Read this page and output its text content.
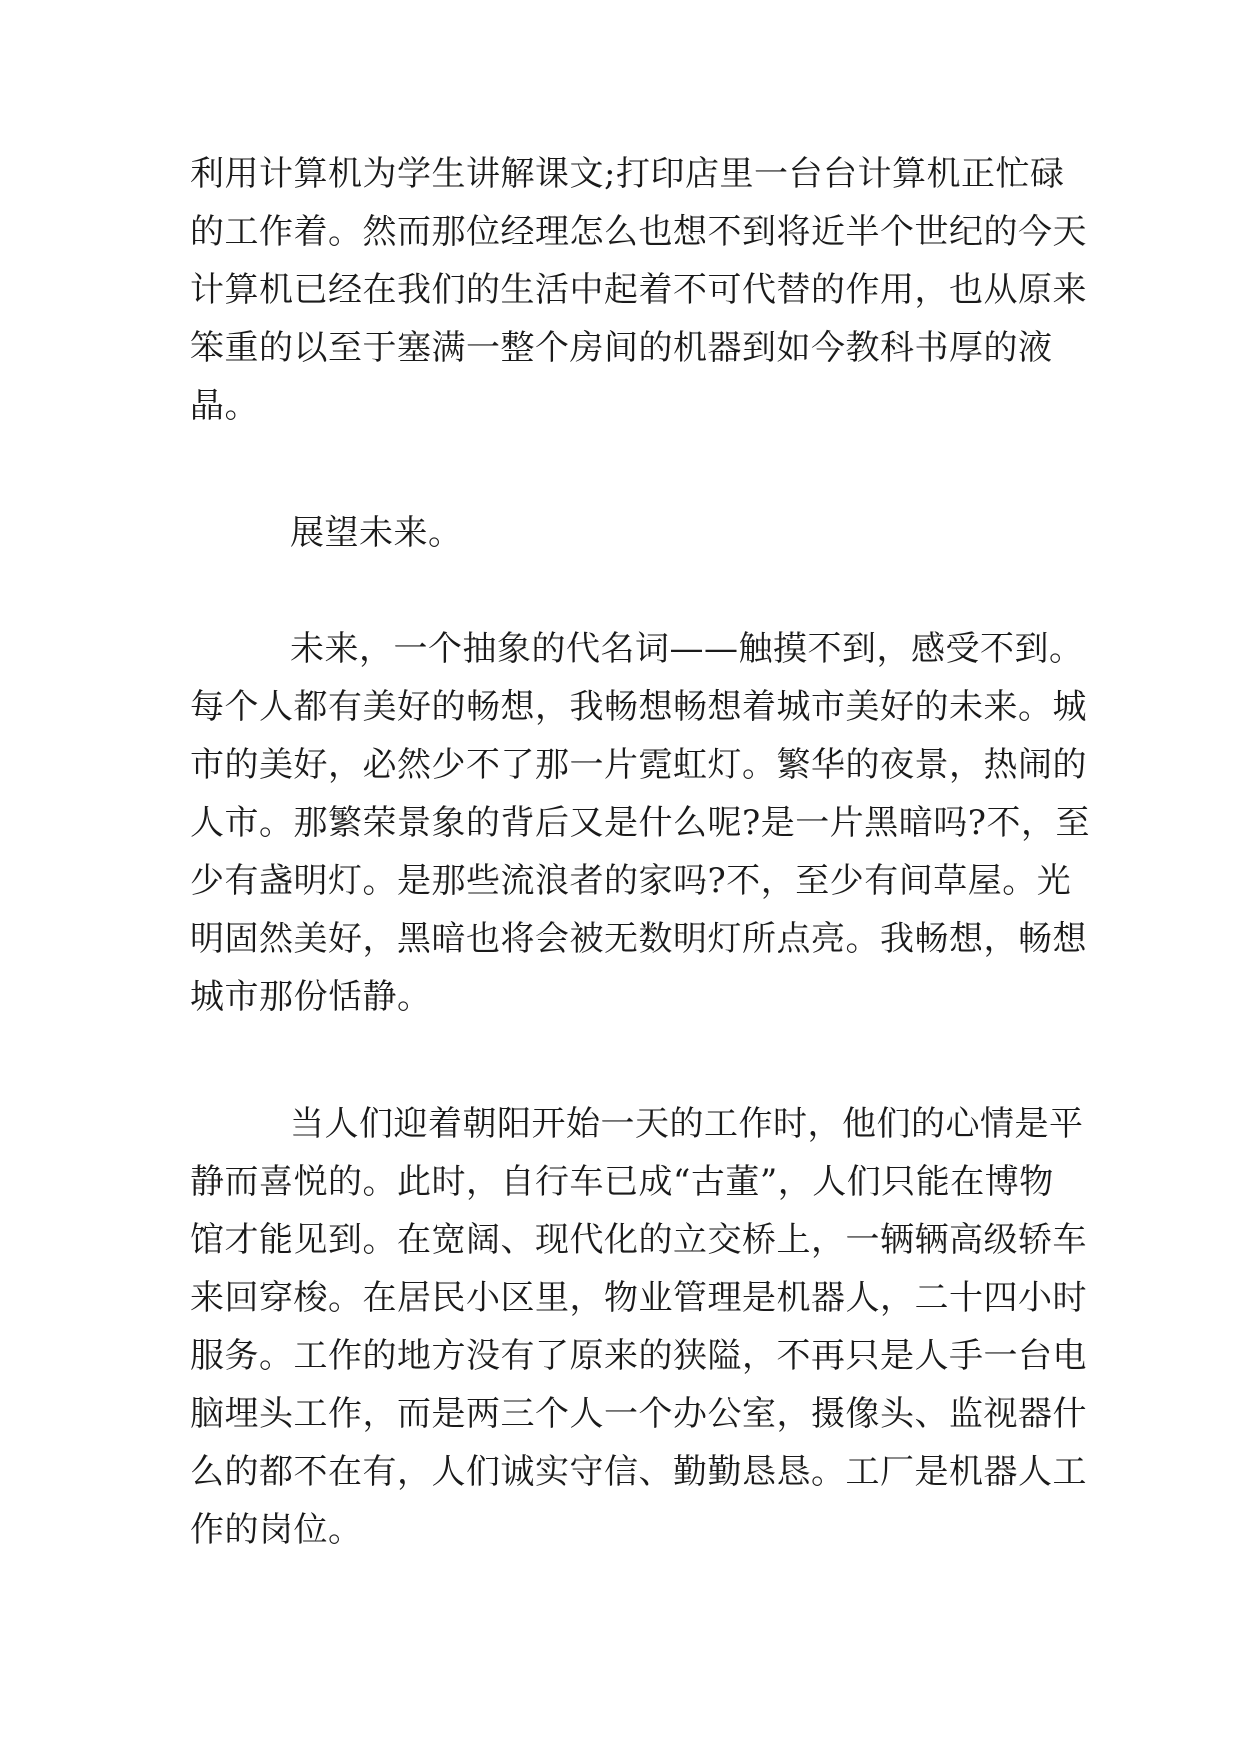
利用计算机为学生讲解课文;打印店里一台台计算机正忙碌

的工作着。然而那位经理怎么也想不到将近半个世纪的今天

计算机已经在我们的生活中起着不可代替的作用，也从原来

笨重的以至于塞满一整个房间的机器到如今教科书厚的液

晶。

展望未来。

未来，一个抽象的代名词——触摸不到，感受不到。

每个人都有美好的畅想，我畅想畅想着城市美好的未来。城

市的美好，必然少不了那一片霓虹灯。繁华的夜景，热闹的

人市。那繁荣景象的背后又是什么呢?是一片黑暗吗?不，至

少有盏明灯。是那些流浪者的家吗?不，至少有间草屋。光

明固然美好，黑暗也将会被无数明灯所点亮。我畅想，畅想

城市那份恬静。

当人们迎着朝阳开始一天的工作时，他们的心情是平

静而喜悦的。此时，自行车已成“古董”，人们只能在博物

馆才能见到。在宽阔、现代化的立交桥上，一辆辆高级轿车

来回穿梭。在居民小区里，物业管理是机器人，二十四小时

服务。工作的地方没有了原来的狭隘，不再只是人手一台电

脑埋头工作，而是两三个人一个办公室，摄像头、监视器什

么的都不在有，人们诚实守信、勤勤恳恳。工厂是机器人工

作的岗位。
